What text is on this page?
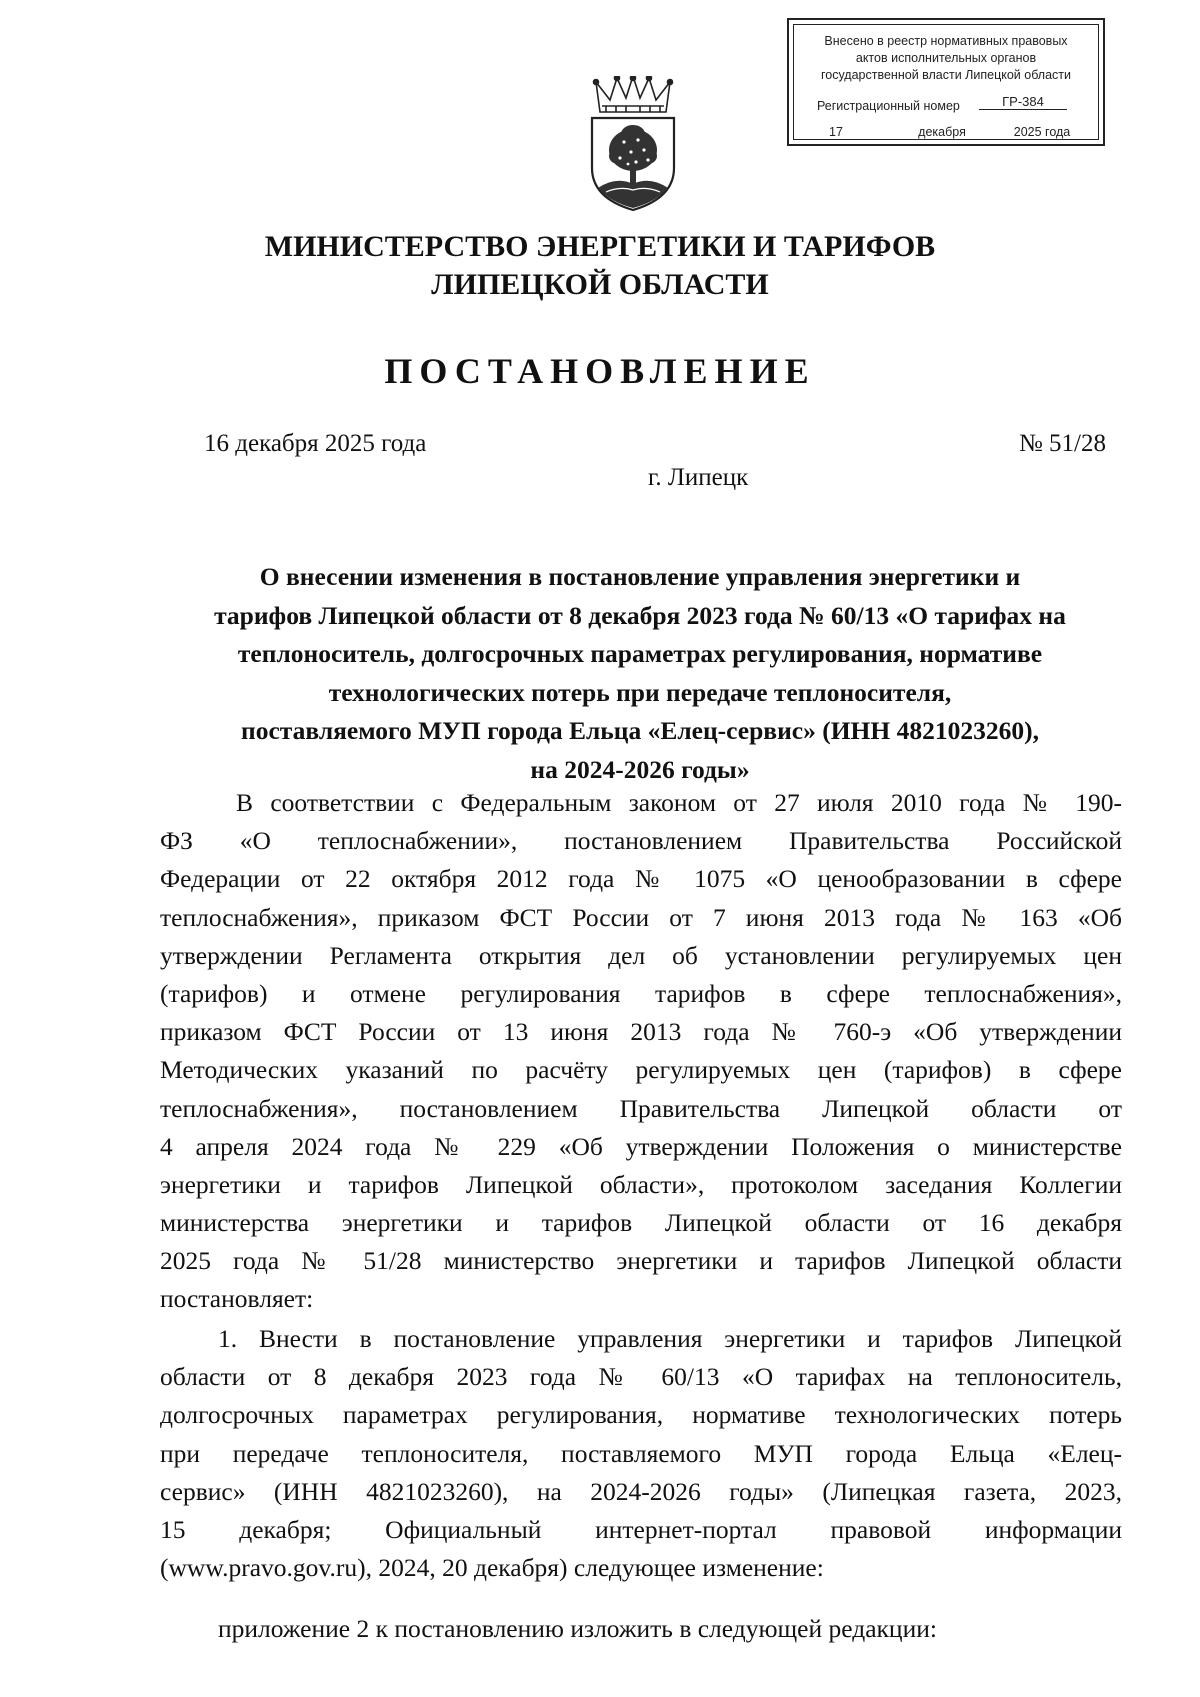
Внесено в реестр нормативных правовых
актов исполнительных органов
государственной власти Липецкой области
Регистрационный номер	ГР-384
17	декабря	2025 года
МИНИСТЕРСТВО ЭНЕРГЕТИКИ И ТАРИФОВ
ЛИПЕЦКОЙ ОБЛАСТИ
ПОСТАНОВЛЕНИЕ
16 декабря 2025 года	№ 51/28
г. Липецк
О внесении изменения в постановление управления энергетики и
тарифов Липецкой области от 8 декабря 2023 года № 60/13 «О тарифах на
теплоноситель, долгосрочных параметрах регулирования, нормативе
технологических потерь при передаче теплоносителя,
поставляемого МУП города Ельца «Елец-сервис» (ИНН 4821023260),
на 2024-2026 годы»
В соответствии с Федеральным законом от 27 июля 2010 года № 190-
ФЗ «О теплоснабжении», постановлением Правительства Российской
Федерации от 22 октября 2012 года № 1075 «О ценообразовании в сфере
теплоснабжения», приказом ФСТ России от 7 июня 2013 года № 163 «Об
утверждении Регламента открытия дел об установлении регулируемых цен
(тарифов) и отмене регулирования тарифов в сфере теплоснабжения»,
приказом ФСТ России от 13 июня 2013 года № 760-э «Об утверждении
Методических указаний по расчёту регулируемых цен (тарифов) в сфере
теплоснабжения», постановлением Правительства Липецкой области от
4 апреля 2024 года № 229 «Об утверждении Положения о министерстве
энергетики и тарифов Липецкой области», протоколом заседания Коллегии
министерства энергетики и тарифов Липецкой области от 16 декабря
2025 года № 51/28 министерство энергетики и тарифов Липецкой области
постановляет:
1. Внести в постановление управления энергетики и тарифов Липецкой
области от 8 декабря 2023 года № 60/13 «О тарифах на теплоноситель,
долгосрочных параметрах регулирования, нормативе технологических потерь
при передаче теплоносителя, поставляемого МУП города Ельца «Елец-
сервис» (ИНН 4821023260), на 2024-2026 годы» (Липецкая газета, 2023,
15 декабря; Официальный интернет-портал правовой информации
(www.pravo.gov.ru), 2024, 20 декабря) следующее изменение:
приложение 2 к постановлению изложить в следующей редакции:
